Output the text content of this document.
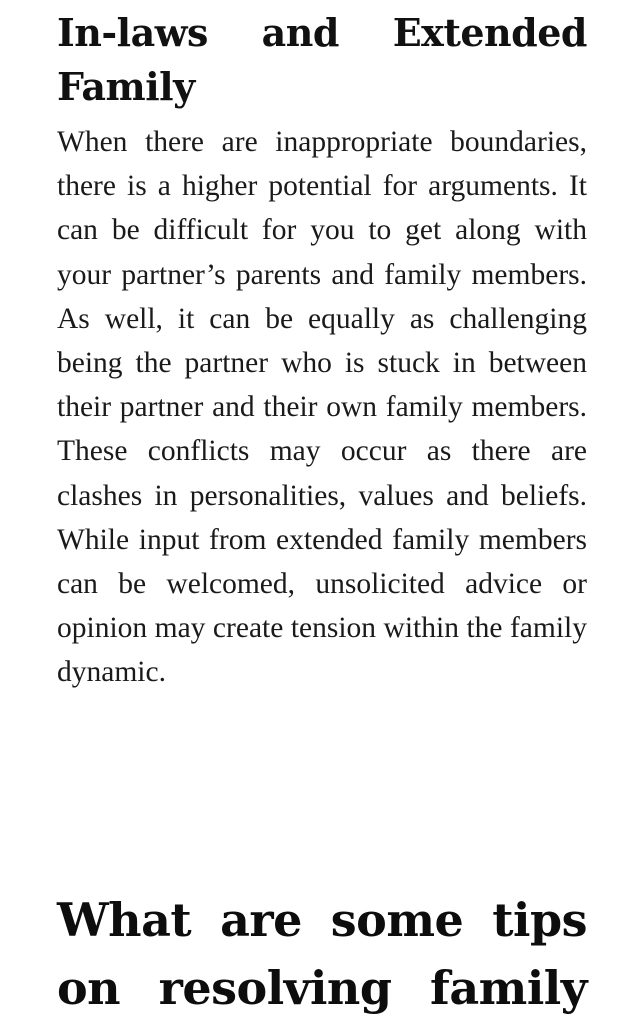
In-laws and Extended Family

When there are inappropriate boundaries, there is a higher potential for arguments. It can be difficult for you to get along with your partner’s parents and family members. As well, it can be equally as challenging being the partner who is stuck in between their partner and their own family members. These conflicts may occur as there are clashes in personalities, values and beliefs. While input from extended family members can be welcomed, unsolicited advice or opinion may create tension within the family dynamic.

What are some tips on resolving family
